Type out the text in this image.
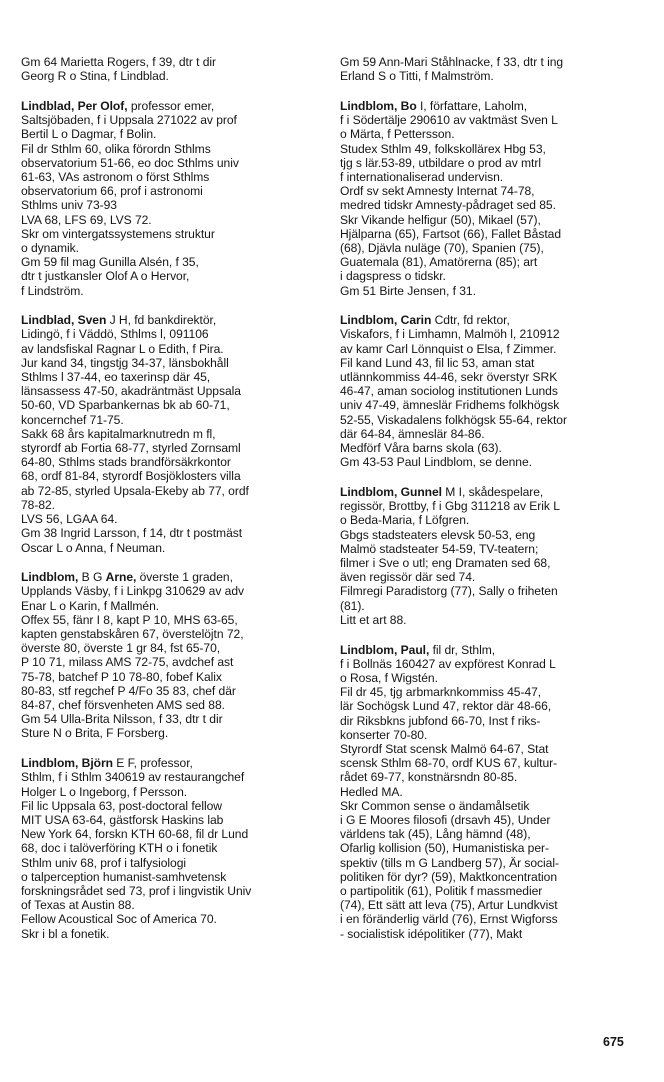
Gm 64 Marietta Rogers, f 39, dtr t dir
Georg R o Stina, f Lindblad.
Lindblad, Per Olof, professor emer,
Saltsjöbaden, f i Uppsala 271022 av prof
Bertil L o Dagmar, f Bolin.
Fil dr Sthlm 60, olika förordn Sthlms
observatorium 51-66, eo doc Sthlms univ
61-63, VAs astronom o först Sthlms
observatorium 66, prof i astronomi
Sthlms univ 73-93
LVA 68, LFS 69, LVS 72.
Skr om vintergatssystemens struktur
o dynamik.
Gm 59 fil mag Gunilla Alsén, f 35,
dtr t justkansler Olof A o Hervor,
f Lindström.
Lindblad, Sven J H, fd bankdirektör,
Lidingö, f i Väddö, Sthlms l, 091106
av landsfiskal Ragnar L o Edith, f Pira.
Jur kand 34, tingstjg 34-37, länsbokhåll
Sthlms l 37-44, eo taxerinsp där 45,
länsassess 47-50, akadräntmäst Uppsala
50-60, VD Sparbankernas bk ab 60-71,
koncernchef 71-75.
Sakk 68 års kapitalmarknutredn m fl,
styrordf ab Fortia 68-77, styrled Zornsaml
64-80, Sthlms stads brandförsäkrkontor
68, ordf 81-84, styrordf Bosjöklosters villa
ab 72-85, styrled Upsala-Ekeby ab 77, ordf
78-82.
LVS 56, LGAA 64.
Gm 38 Ingrid Larsson, f 14, dtr t postmäst
Oscar L o Anna, f Neuman.
Lindblom, B G Arne, överste 1 graden,
Upplands Väsby, f i Linkpg 310629 av adv
Enar L o Karin, f Mallmén.
Offex 55, fänr I 8, kapt P 10, MHS 63-65,
kapten genstabskåren 67, överstelöjtn 72,
överste 80, överste 1 gr 84, fst 65-70,
P 10 71, milass AMS 72-75, avdchef ast
75-78, batchef P 10 78-80, fobef Kalix
80-83, stf regchef P 4/Fo 35 83, chef där
84-87, chef försvenheten AMS sed 88.
Gm 54 Ulla-Brita Nilsson, f 33, dtr t dir
Sture N o Brita, F Forsberg.
Lindblom, Björn E F, professor,
Sthlm, f i Sthlm 340619 av restaurangchef
Holger L o Ingeborg, f Persson.
Fil lic Uppsala 63, post-doctoral fellow
MIT USA 63-64, gästforsk Haskins lab
New York 64, forskn KTH 60-68, fil dr Lund
68, doc i talöverföring KTH o i fonetik
Sthlm univ 68, prof i talfysiologi
o talperception humanist-samhvetensk
forskningsrådet sed 73, prof i lingvistik Univ
of Texas at Austin 88.
Fellow Acoustical Soc of America 70.
Skr i bl a fonetik.
Gm 59 Ann-Mari Ståhlnacke, f 33, dtr t ing
Erland S o Titti, f Malmström.
Lindblom, Bo I, författare, Laholm,
f i Södertälje 290610 av vaktmäst Sven L
o Märta, f Pettersson.
Studex Sthlm 49, folkskollärex Hbg 53,
tjg s lär.53-89, utbildare o prod av mtrl
f internationaliserad undervisn.
Ordf sv sekt Amnesty Internat 74-78,
medred tidskr Amnesty-pådraget sed 85.
Skr Vikande helfigur (50), Mikael (57),
Hjälparna (65), Fartsot (66), Fallet Båstad
(68), Djävla nuläge (70), Spanien (75),
Guatemala (81), Amatörerna (85); art
i dagspress o tidskr.
Gm 51 Birte Jensen, f 31.
Lindblom, Carin Cdtr, fd rektor,
Viskafors, f i Limhamn, Malmöh l, 210912
av kamr Carl Lönnquist o Elsa, f Zimmer.
Fil kand Lund 43, fil lic 53, aman stat
utlännkommiss 44-46, sekr överstyr SRK
46-47, aman sociolog institutionen Lunds
univ 47-49, ämneslär Fridhems folkhögsk
52-55, Viskadalens folkhögsk 55-64, rektor
där 64-84, ämneslär 84-86.
Medförf Våra barns skola (63).
Gm 43-53 Paul Lindblom, se denne.
Lindblom, Gunnel M I, skådespelare,
regissör, Brottby, f i Gbg 311218 av Erik L
o Beda-Maria, f Löfgren.
Gbgs stadsteaters elevsk 50-53, eng
Malmö stadsteater 54-59, TV-teatern;
filmer i Sve o utl; eng Dramaten sed 68,
även regissör där sed 74.
Filmregi Paradistorg (77), Sally o friheten
(81).
Litt et art 88.
Lindblom, Paul, fil dr, Sthlm,
f i Bollnäs 160427 av expförest Konrad L
o Rosa, f Wigstén.
Fil dr 45, tjg arbmarknkommiss 45-47,
lär Sochögsk Lund 47, rektor där 48-66,
dir Riksbkns jubfond 66-70, Inst f riks-
konserter 70-80.
Styrordf Stat scensk Malmö 64-67, Stat
scensk Sthlm 68-70, ordf KUS 67, kultur-
rådet 69-77, konstnärsndn 80-85.
Hedled MA.
Skr Common sense o ändamålsetik
i G E Moores filosofi (drsavh 45), Under
världens tak (45), Lång hämnd (48),
Ofarlig kollision (50), Humanistiska per-
spektiv (tills m G Landberg 57), Är social-
politiken för dyr? (59), Maktkoncentration
o partipolitik (61), Politik f massmedier
(74), Ett sätt att leva (75), Artur Lundkvist
i en föränderlig värld (76), Ernst Wigforss
- socialistisk idépolitiker (77), Makt
675
